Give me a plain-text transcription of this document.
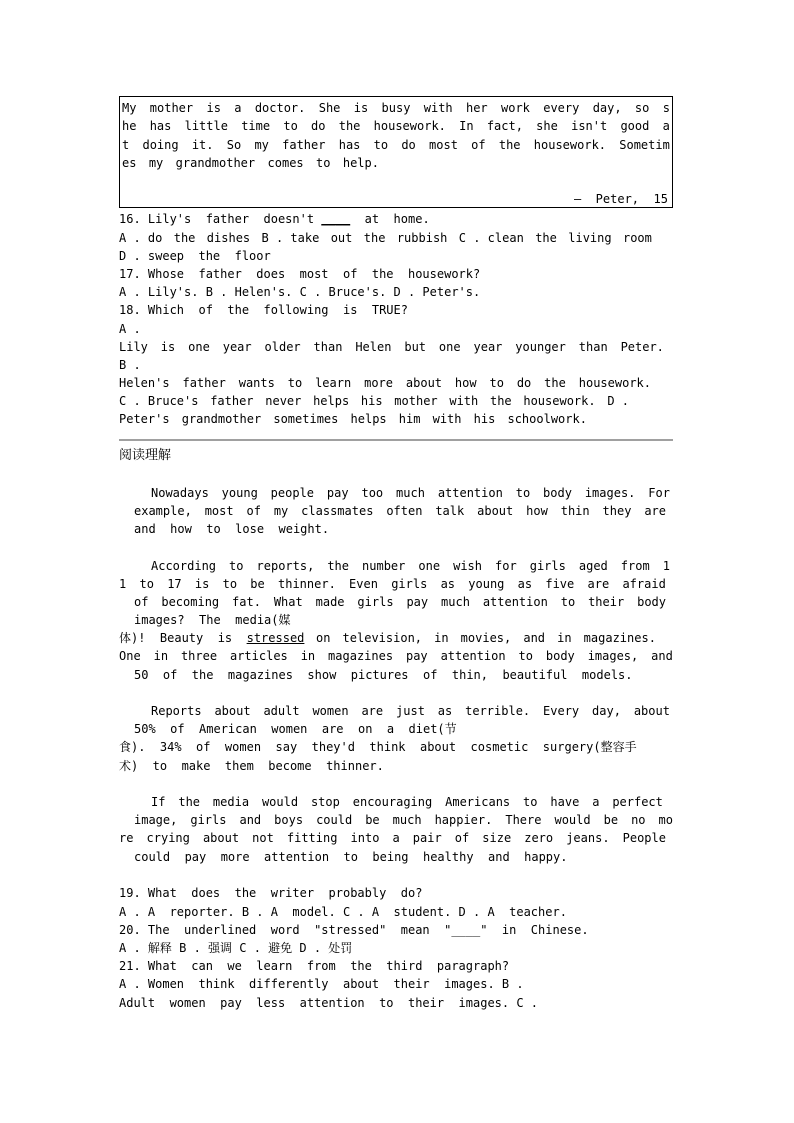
My mother is a doctor. She is busy with her work every day, so s
he has little time to do the housework. In fact, she isn't good a
t doing it. So my father has to do most of the housework. Sometim
es my grandmother comes to help.
—  Peter,  15
16. Lily's  father  doesn't ____  at  home.
A . do the dishes B . take out the rubbish C . clean the living room
D . sweep  the  floor
17. Whose  father  does  most  of  the  housework?
A . Lily's. B . Helen's. C . Bruce's. D . Peter's.
18. Which  of  the  following  is  TRUE?
A .
Lily is one year older than Helen but one year younger than Peter.
B .
Helen's father wants to learn more about how to do the housework.
C . Bruce's father never helps his mother with the housework. D .
Peter's grandmother sometimes helps him with his schoolwork.
阅读理解
Nowadays young people pay too much attention to body images. For
example, most of my classmates often talk about how thin they are
and  how  to  lose  weight.
According to reports, the number one wish for girls aged from 1
1 to 17 is to be thinner. Even girls as young as five are afraid
of becoming fat. What made girls pay much attention to their body
images?  The  media(媒
体)!  Beauty  is  stressed on television, in movies, and in magazines.
One in three articles in magazines pay attention to body images, and
50  of  the  magazines  show  pictures  of  thin,  beautiful  models.
Reports about adult women are just as terrible. Every day, about
50%  of  American  women  are  on  a  diet(节
食).  34%  of  women  say  they'd  think  about  cosmetic  surgery(整容手
术)  to  make  them  become  thinner.
If the media would stop encouraging Americans to have a perfect
image, girls and boys could be much happier. There would be no mo
re crying about not fitting into a pair of size zero jeans. People
could  pay  more  attention  to  being  healthy  and  happy.
19. What  does  the  writer  probably  do?
A . A  reporter. B . A  model. C . A  student. D . A  teacher.
20. The  underlined  word  "stressed"  mean  "____"  in  Chinese.
A . 解释 B . 强调 C . 避免 D . 处罚
21. What  can  we  learn  from  the  third  paragraph?
A . Women  think  differently  about  their  images. B .
Adult  women  pay  less  attention  to  their  images. C .
